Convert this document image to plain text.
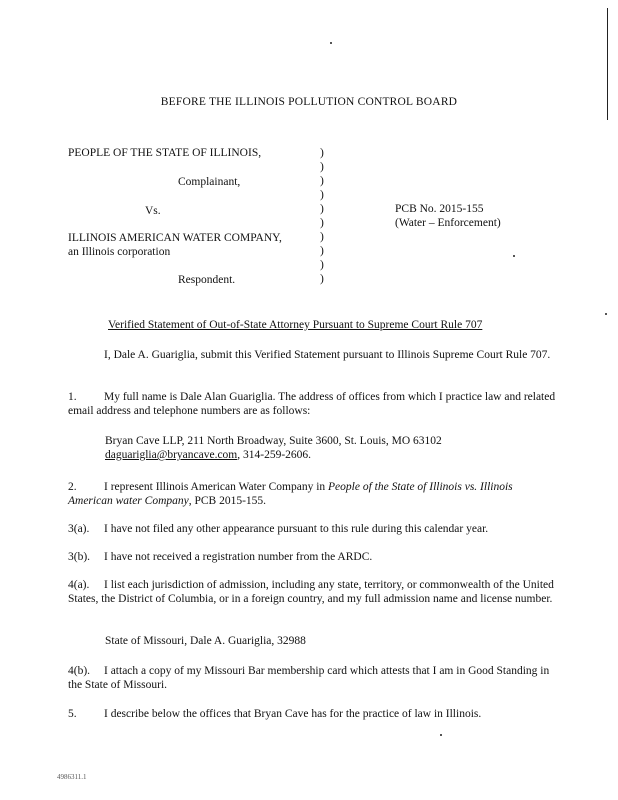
BEFORE THE ILLINOIS POLLUTION CONTROL BOARD
PEOPLE OF THE STATE OF ILLINOIS,
Complainant,
Vs.
ILLINOIS AMERICAN WATER COMPANY,
an Illinois corporation
Respondent.
)
)
)
)
)
)
)
)
)
)
PCB No. 2015-155
(Water – Enforcement)
Verified Statement of Out-of-State Attorney Pursuant to Supreme Court Rule 707
I, Dale A. Guariglia, submit this Verified Statement pursuant to Illinois Supreme Court Rule 707.
1.	My full name is Dale Alan Guariglia. The address of offices from which I practice law and related email address and telephone numbers are as follows:
Bryan Cave LLP, 211 North Broadway, Suite 3600, St. Louis, MO 63102
daguariglia@bryancave.com, 314-259-2606.
2.	I represent Illinois American Water Company in People of the State of Illinois vs. Illinois American water Company, PCB 2015-155.
3(a). I have not filed any other appearance pursuant to this rule during this calendar year.
3(b). I have not received a registration number from the ARDC.
4(a).	I list each jurisdiction of admission, including any state, territory, or commonwealth of the United States, the District of Columbia, or in a foreign country, and my full admission name and license number.
State of Missouri, Dale A. Guariglia, 32988
4(b).	I attach a copy of my Missouri Bar membership card which attests that I am in Good Standing in the State of Missouri.
5. I describe below the offices that Bryan Cave has for the practice of law in Illinois.
4986311.1
